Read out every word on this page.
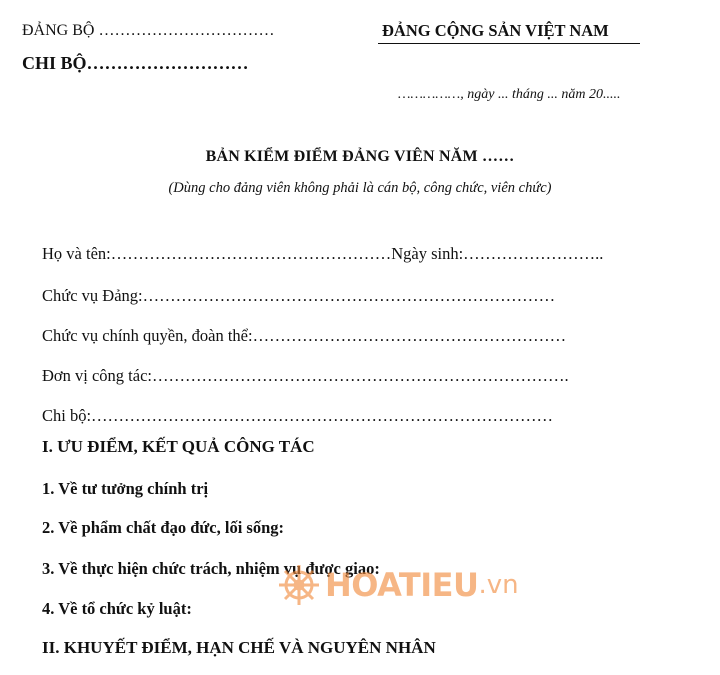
ĐẢNG BỘ ……………………………
CHI BỘ………………………
ĐẢNG CỘNG SẢN VIỆT NAM
……………, ngày ... tháng ... năm 20.....
BẢN KIỂM ĐIỂM ĐẢNG VIÊN NĂM ……
(Dùng cho đảng viên không phải là cán bộ, công chức, viên chức)
Họ và tên:……………………………………………Ngày sinh:……………………..
Chức vụ Đảng:…………………………………………………………………
Chức vụ chính quyền, đoàn thể:…………………………………………………
Đơn vị công tác:………………………………………………………………….
Chi bộ:…………………………………………………………………………
I. ƯU ĐIỂM, KẾT QUẢ CÔNG TÁC
1. Về tư tưởng chính trị
2. Về phẩm chất đạo đức, lối sống:
3. Về thực hiện chức trách, nhiệm vụ được giao:
4. Về tổ chức kỷ luật:
II. KHUYẾT ĐIỂM, HẠN CHẾ VÀ NGUYÊN NHÂN
HOATIEU .vn
